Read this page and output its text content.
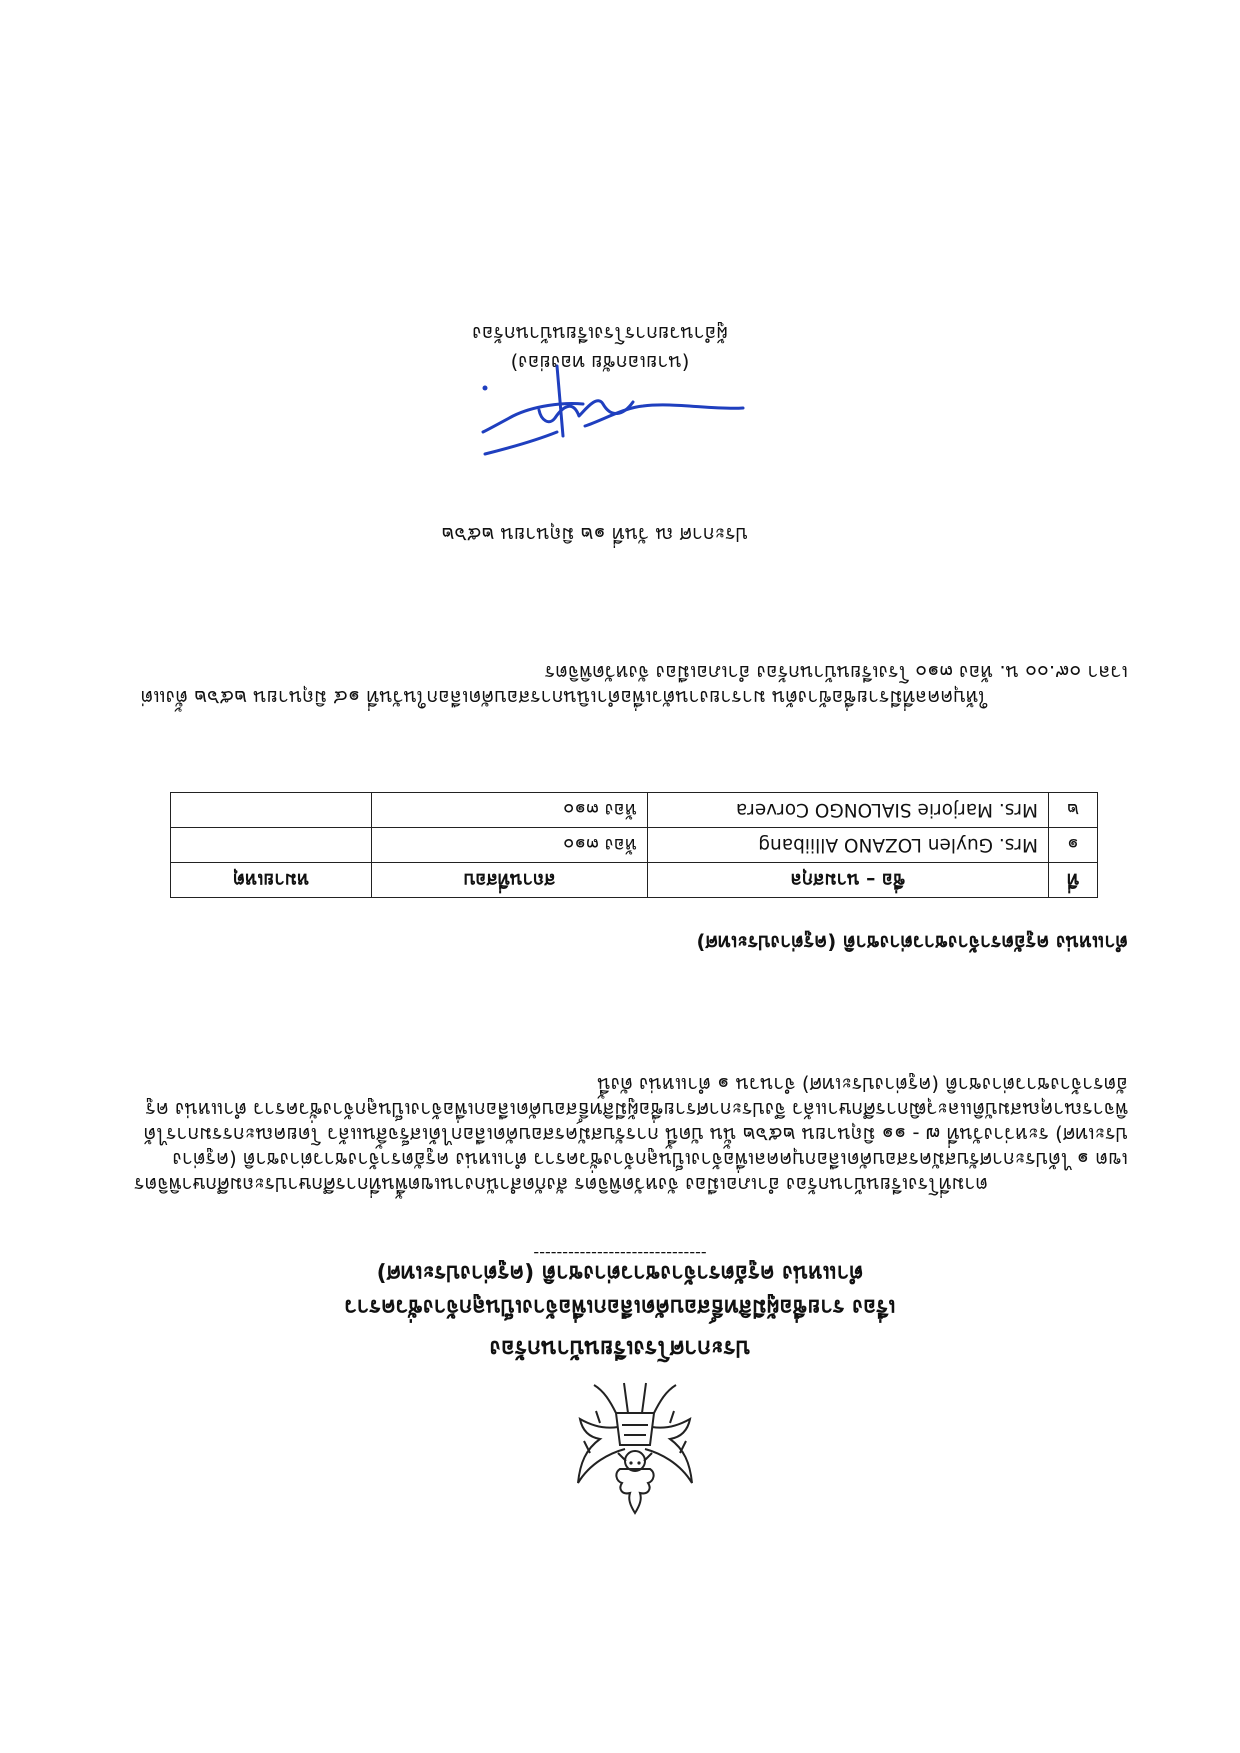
ประกาศโรงเรียนบ้านกร้อง
เรื่อง รายชื่อผู้มีสิทธิ์สอบคัดเลือกเพื่อจ้างเป็นลูกจ้างชั่วคราว
ตำแหน่ง ครูอัตราจ้างชาวต่างชาติ (ครูต่างประเทศ)
------------------------------
ตามที่โรงเรียนบ้านกร้อง อำเภอเมือง จังหวัดพิจิตร สังกัดสำนักงานเขตพื้นที่การศึกษาประถมศึกษาพิจิตร เขต ๑ ได้ประกาศรับสมัครสอบคัดเลือกบุคคลเพื่อจ้างเป็นลูกจ้างชั่วคราว ตำแหน่ง ครูอัตราจ้างชาวต่างชาติ (ครูต่างประเทศ) ระหว่างวันที่ ๗ - ๑๑ มิถุนายน ๒๕๖๒ นั้น บัดนี้ การรับสมัครสอบคัดเลือกได้เสร็จสิ้นแล้ว โดยคณะกรรมการได้พิจารณาคุณสมบัติและวุฒิการศึกษาแล้ว จึงประกาศรายชื่อผู้มีสิทธิ์สอบคัดเลือกเพื่อจ้างเป็นลูกจ้างชั่วคราว ตำแหน่ง ครูอัตราจ้างชาวต่างชาติ (ครูต่างประเทศ) จำนวน ๑ ตำแหน่ง ดังนี้
ตำแหน่ง ครูอัตราจ้างชาวต่างชาติ (ครูต่างประเทศ)
ที่	ชื่อ – นามสกุล	สถานที่สอบ	หมายเหตุ
๑	Mrs. Guylen LOZANO Alliibang	ห้อง ๓๑๐	
๒	Mrs. Marjorie SIALONGO Corvera	ห้อง ๓๑๐	
ให้บุคคลที่มีรายชื่อข้างต้น มารายงานตัวเพื่อดำเนินการสอบคัดเลือกในวันที่ ๑๔ มิถุนายน ๒๕๖๒ ตั้งแต่เวลา ๐๙.๐๐ น. ห้อง ๓๑๐ โรงเรียนบ้านกร้อง อำเภอเมือง จังหวัดพิจิตร
ประกาศ ณ วันที่ ๑๒ มิถุนายน ๒๕๖๒
(นายเอกชัย ทองย่อง)
ผู้อำนวยการโรงเรียนบ้านกร้อง
